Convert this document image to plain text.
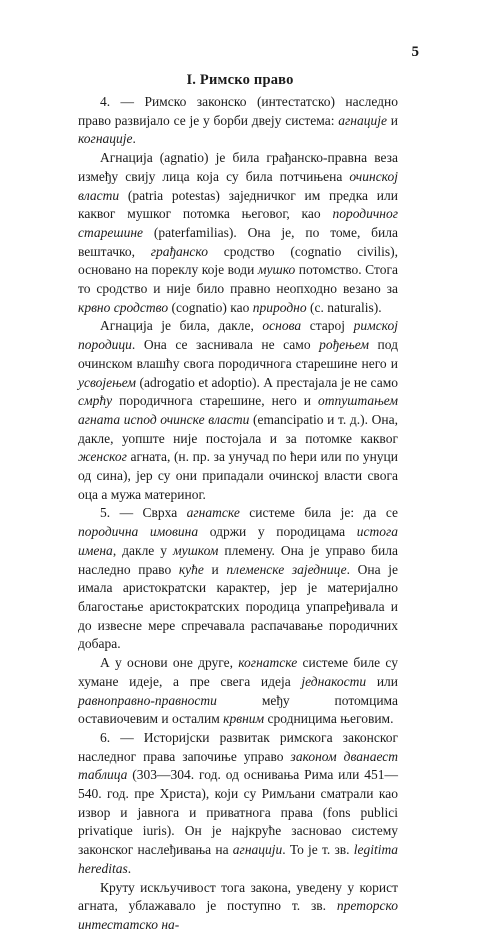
5
I. Римско право

4. — Римско законско (интестатско) наследно право развијало се је у борби двеју система: агнације и когнације.

Агнација (agnatio) је била грађанско-правна веза између свију лица која су била потчињена очинској власти (patria potestas) заједничког им предка или каквог мушког потомка његовог, као породичног старешине (paterfamilias). Она је, по томе, била вештачко, грађанско сродство (cognatio civilis), основано на пореклу које води мушко потомство. Стога то сродство и није било правно неопходно везано за крвно сродство (cognatio) као природно (c. naturalis).

Агнација је била, дакле, основа старој римској породици. Она се заснивала не само рођењем под очинском влашћу свога породичнога старешине него и усвојењем (adrogatio et adoptio). А престајала је не само смрћу породичнога старешине, него и отпуштањем агната испод очинске власти (emancipatio и т. д.). Она, дакле, уопште није постојала и за потомке каквог женског агната, (н. пр. за унучад по ћери или по унуци од сина), јер су они припадали очинској власти свога оца а мужа материног.

5. — Сврха агнатске системе била је: да се породична имовина одржи у породицама истога имена, дакле у мушком племену. Она је управо била наследно право куће и племенске заједнице. Она је имала аристократски карактер, јер је материјално благостање аристократских породица упапређивала и до извесне мере спречавала распачавање породичних добара.

А у основи оне друге, когнатске системе биле су хумане идеје, а пре свега идеја једнакости или равноправно-правности међу потомцима оставиочевим и осталим крвним сродницима његовим.

6. — Историјски развитак римскога законског наследног права започиње управо законом дванаест таблица (303—304. год. од оснивања Рима или 451—540. год. пре Христа), који су Римљани сматрали као извор и јавнога и приватнога права (fons publici privatique iuris). Он је најкруће засновао систему законског наслеђивања на агнацији. То је т. зв. legitima hereditas.

Круту искључивост тога закона, уведену у корист агната, ублажавало је поступно т. зв. преторско интестатско на-
